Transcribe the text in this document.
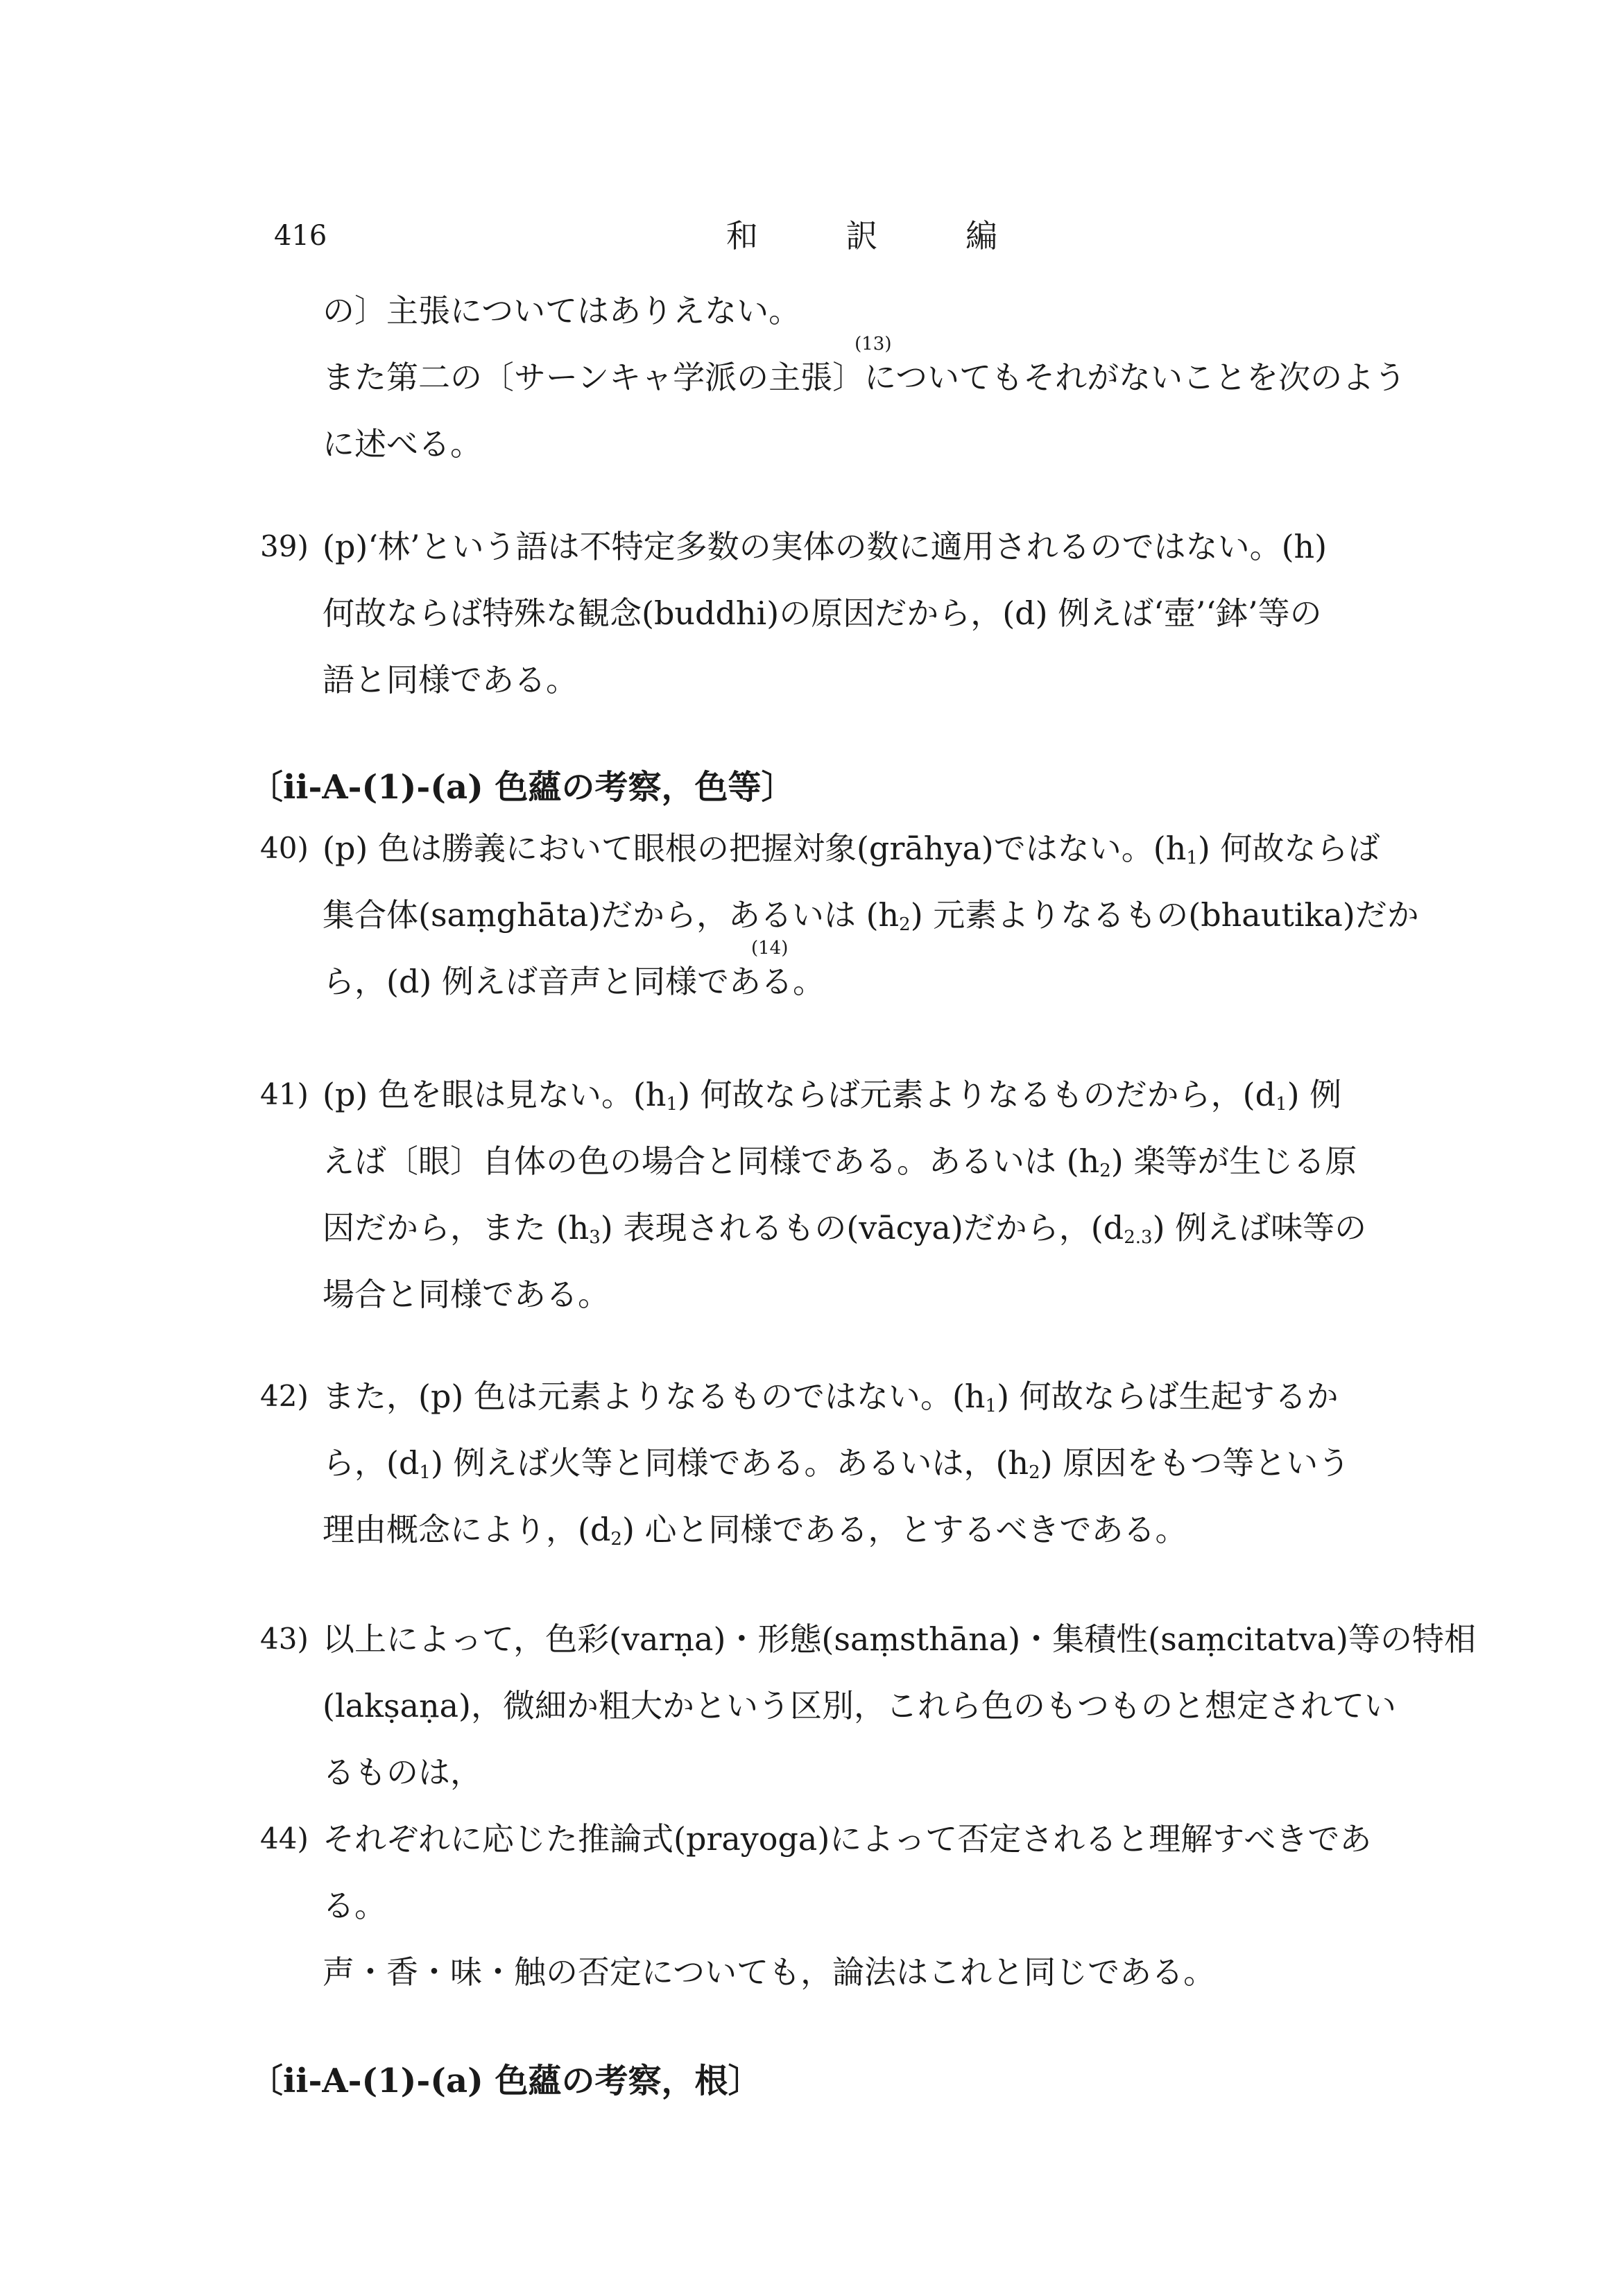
416	和 訳 編
の〕主張についてはありえない。
また第二の〔サーンキャ学派の主張〕
(13)
についてもそれがないことを次のよう
に述べる。
39) (p)‘林’という語は不特定多数の実体の数に適用されるのではない。(h)
何故ならば特殊な観念(buddhi)の原因だから，(d) 例えば‘壺’‘鉢’等の
語と同様である。
〔ii-A-(1)-(a) 色蘊の考察，色等〕
40) (p) 色は勝義において眼根の把握対象(grāhya)ではない。$(h_1)$ 何故ならば
集合体(saṃghāta)だから，あるいは $(h_2)$ 元素よりなるもの(bhautika)だか
ら，(d) 例えば音声と同様であ
(14)
る。
41) (p) 色を眼は見ない。$(h_1)$ 何故ならば元素よりなるものだから，$(d_1)$ 例
えば〔眼〕自体の色の場合と同様である。あるいは $(h_2)$ 楽等が生じる原
因だから，また $(h_3)$ 表現されるもの(vācya)だから，$(d_{2.3})$ 例えば味等の
場合と同様である。
42) また，(p) 色は元素よりなるものではない。$(h_1)$ 何故ならば生起するか
ら，$(d_1)$ 例えば火等と同様である。あるいは，$(h_2)$ 原因をもつ等という
理由概念により，$(d_2)$ 心と同様である，とするべきである。
43) 以上によって，色彩(varṇa)・形態(saṃsthāna)・集積性(saṃcitatva)等の特相
(lakṣaṇa)，微細か粗大かという区別，これら色のもつものと想定されてい
るものは，
44) それぞれに応じた推論式(prayoga)によって否定されると理解すべきであ
る。
声・香・味・触の否定についても，論法はこれと同じである。
〔ii-A-(1)-(a) 色蘊の考察，根〕
